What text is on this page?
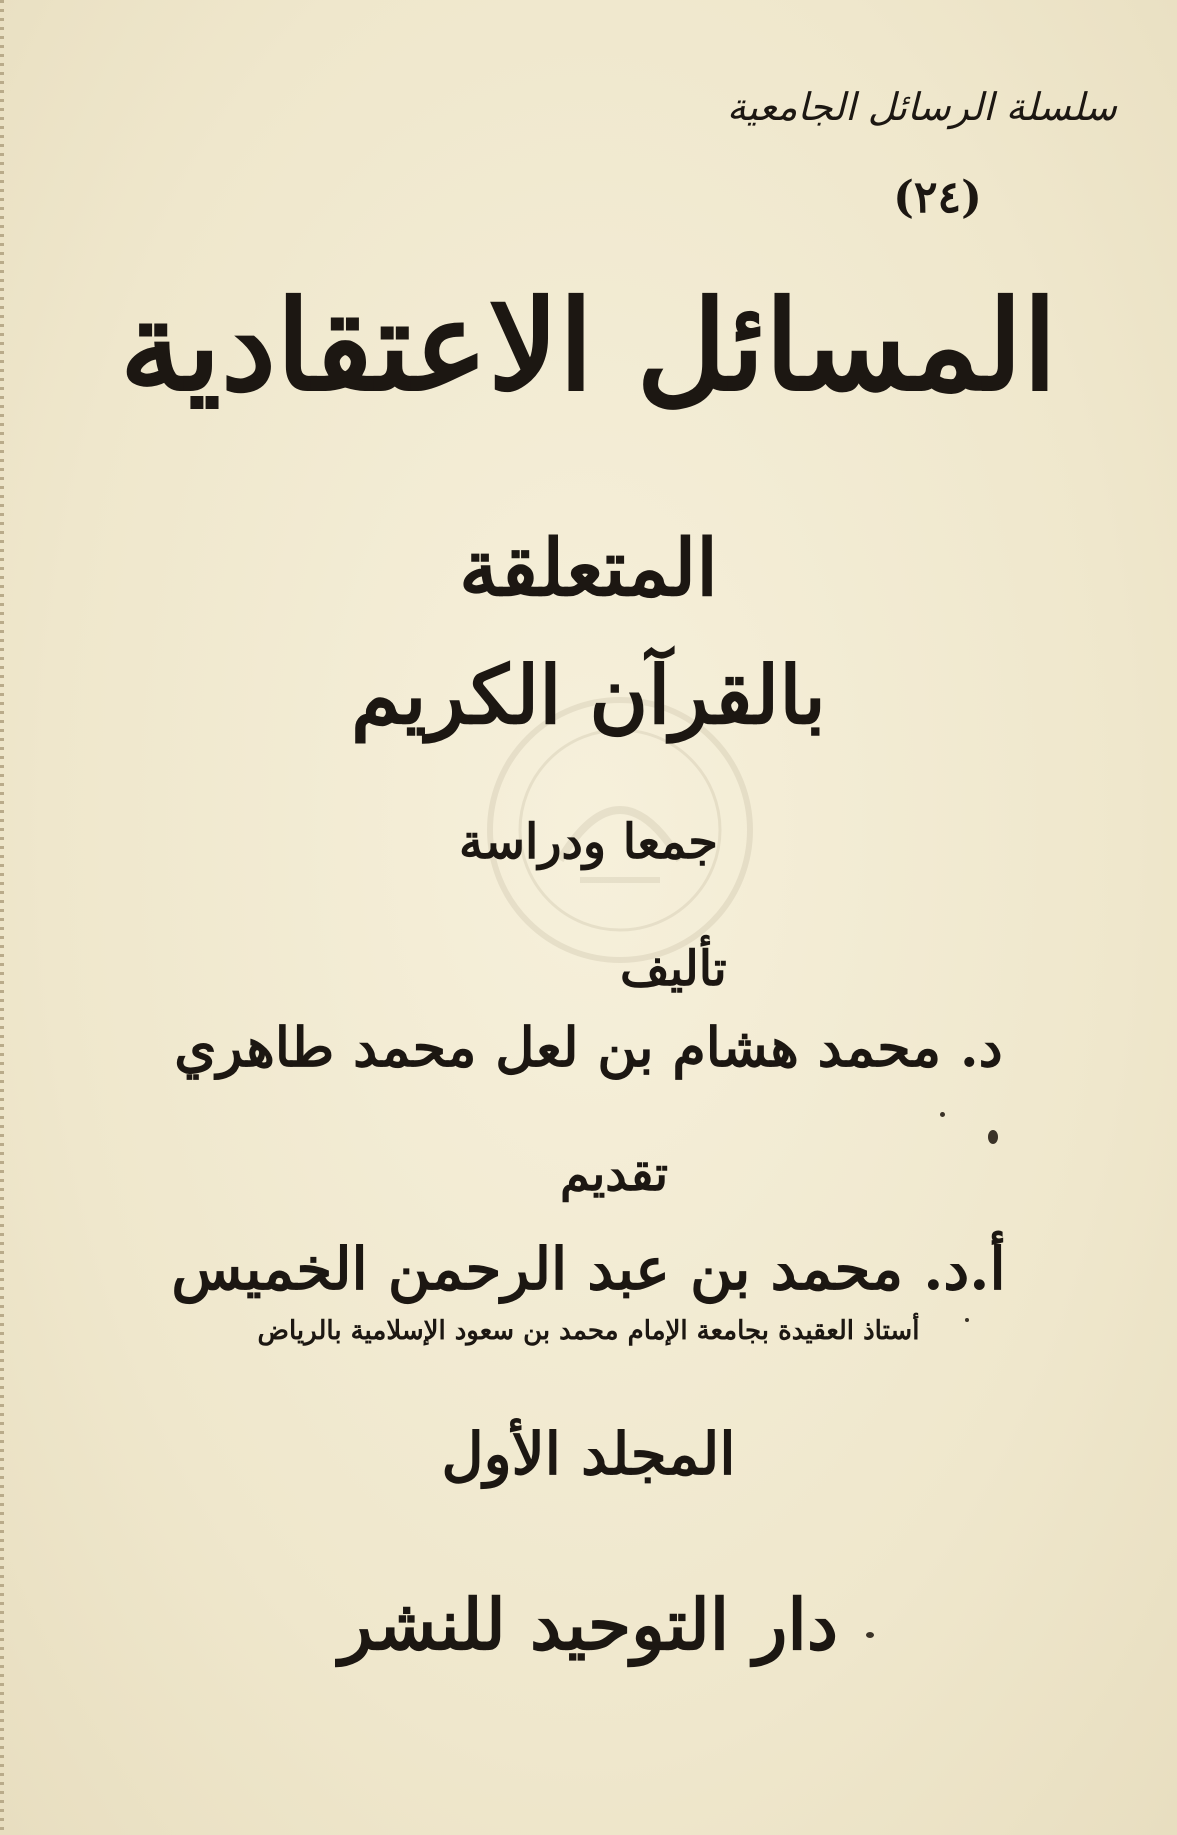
سلسلة الرسائل الجامعية
(٢٤)
المسائل الاعتقادية
المتعلقة
بالقرآن الكريم
جمعا ودراسة
تأليف
د. محمد هشام بن لعل محمد طاهري
تقديم
أ.د. محمد بن عبد الرحمن الخميس
أستاذ العقيدة بجامعة الإمام محمد بن سعود الإسلامية بالرياض
المجلد الأول
دار التوحيد للنشر
